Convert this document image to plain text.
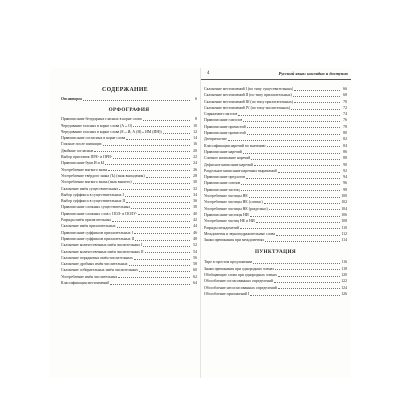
СОДЕРЖАНИЕ
От авторов	6
ОРФОГРАФИЯ
Правописание безударных гласных в корне слова	8
Чередование гласных в корне слова (А↔О)	10
Чередование гласных в корне слова (Е↔И; А (Я)↔ИМ (ИН))	12
Правописание согласных в корне слова	14
Гласные после шипящих	16
Двойные согласные	20
Выбор приставок ПРЕ- и ПРИ-	22
Правописание букв И и Ы	24
Употребление мягкого знака	26
Употребление твёрдого знака (Ъ) (знак выпадения)	28
Употребление мягкого знака (знак вышего)	30
Склонение имён существительных	32
Выбор суффикса в существительных I	34
Выбор суффикса в существительных II	36
Правописание сложных существительных	38
Правописание сложных слов с ПОЛ- и ПОЛУ-	40
Разряды имён прилагательных	42
Склонение имён прилагательных	44
Правописание суффиксов прилагательных I	46
Правописание суффиксов прилагательных II	48
Склонение количественных имён числительных I	52
Склонение количественных имён числительных II	54
Склонение порядковых имён числительных	56
Склонение дробных имён числительных	58
Склонение собирательных имён числительных	60
Употребление имён числительных	62
Классификация местоимений	64
4	Русский язык: наглядно и доступно
Склонение местоимений I (по типу существительных)	66
Склонение местоимений II (по типу прилагательных)	68
Склонение местоимений III (по типу прилагательных)	70
Склонение местоимений IV (по типу числительных)	72
Спряжение глаголов	74
Правописание глаголов	76
Правописание причастий	78
Правописание причастий	80
Деепричастие	82
Классификация наречий по значению	84
Правописание наречий	86
Слитное написание наречий	88
Дефисное написание наречий	90
Раздельное написание наречных выражений	92
Правописание предлогов	94
Правописание союзов	96
Правописание частиц	98
Употребление частицы НЕ	100
Употребление частицы НЕ (слитно)	102
Употребление частицы НЕ (раздельно)	104
Правописание частицы НИ	106
Употребление частиц НЕ и НИ	108
Разряды междометий	110
Междометия и звукоподражательные слова	112
Знаки препинания при междометиях	114
ПУНКТУАЦИЯ
Тире в простом предложении	116
Знаки препинания при однородных членах	118
Обобщающие слова при однородных членах	120
Обособление согласованных определений	122
Обособление несогласованных определений	124
Обособление приложений I	126
